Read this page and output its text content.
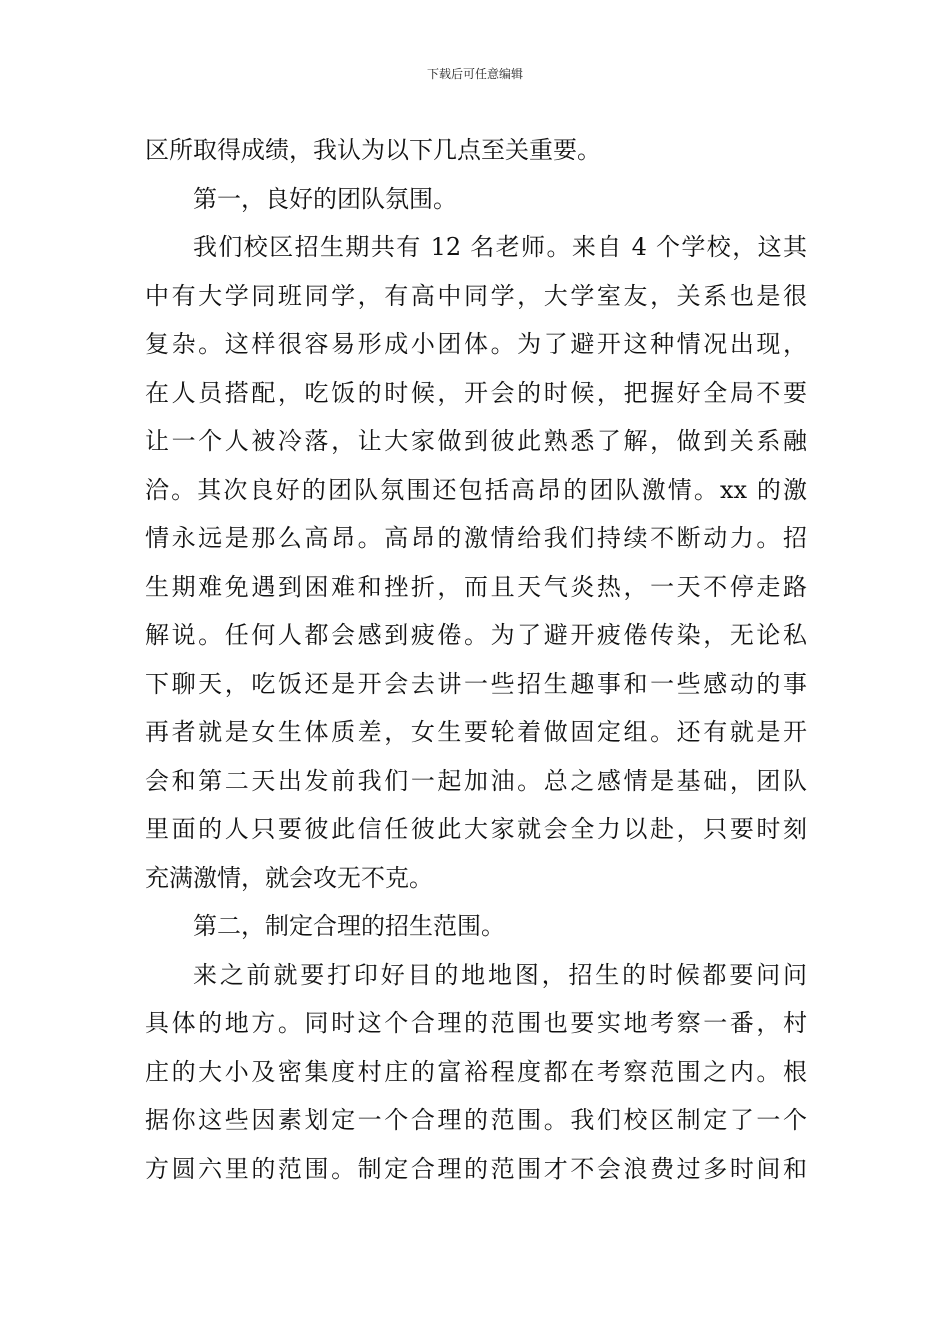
下载后可任意编辑
区所取得成绩，我认为以下几点至关重要。
第一，良好的团队氛围。
我们校区招生期共有 12 名老师。来自 4 个学校，这其
中有大学同班同学，有高中同学，大学室友，关系也是很
复杂。这样很容易形成小团体。为了避开这种情况出现，
在人员搭配，吃饭的时候，开会的时候，把握好全局不要
让一个人被冷落，让大家做到彼此熟悉了解，做到关系融
洽。其次良好的团队氛围还包括高昂的团队激情。xx 的激
情永远是那么高昂。高昂的激情给我们持续不断动力。招
生期难免遇到困难和挫折，而且天气炎热，一天不停走路
解说。任何人都会感到疲倦。为了避开疲倦传染，无论私
下聊天，吃饭还是开会去讲一些招生趣事和一些感动的事
再者就是女生体质差，女生要轮着做固定组。还有就是开
会和第二天出发前我们一起加油。总之感情是基础，团队
里面的人只要彼此信任彼此大家就会全力以赴，只要时刻
充满激情，就会攻无不克。
第二，制定合理的招生范围。
来之前就要打印好目的地地图，招生的时候都要问问
具体的地方。同时这个合理的范围也要实地考察一番，村
庄的大小及密集度村庄的富裕程度都在考察范围之内。根
据你这些因素划定一个合理的范围。我们校区制定了一个
方圆六里的范围。制定合理的范围才不会浪费过多时间和
